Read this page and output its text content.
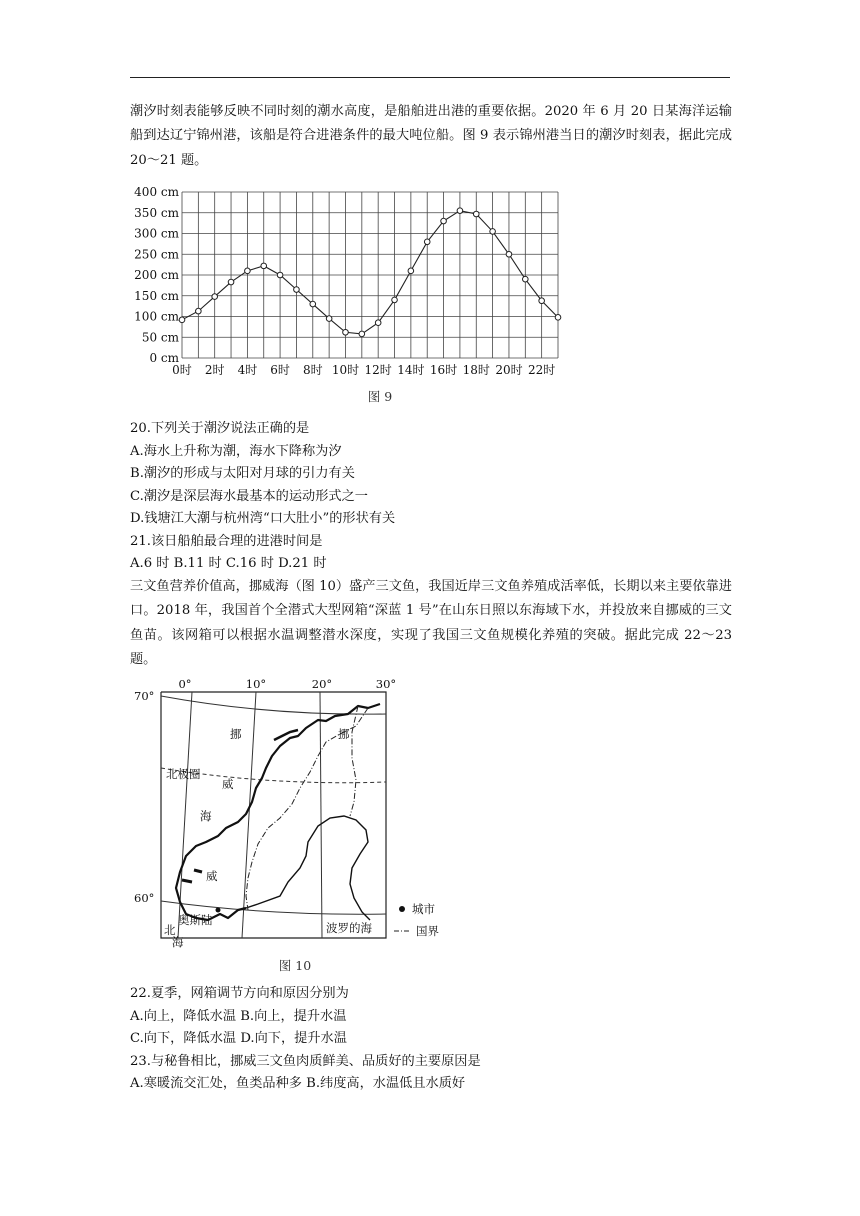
潮汐时刻表能够反映不同时刻的潮水高度，是船舶进出港的重要依据。2020 年 6 月 20 日某海洋运输船到达辽宁锦州港，该船是符合进港条件的最大吨位船。图 9 表示锦州港当日的潮汐时刻表，据此完成 20～21 题。

0 cm
50 cm
100 cm
150 cm
200 cm
250 cm
300 cm
350 cm
400 cm
0时 2时 4时 6时 8时 10时 12时 14时 16时 18时 20时 22时
图 9
20.下列关于潮汐说法正确的是
A.海水上升称为潮，海水下降称为汐
B.潮汐的形成与太阳对月球的引力有关
C.潮汐是深层海水最基本的运动形式之一
D.钱塘江大潮与杭州湾“口大肚小”的形状有关
21.该日船舶最合理的进港时间是
A.6 时 B.11 时 C.16 时 D.21 时

三文鱼营养价值高，挪威海（图 10）盛产三文鱼，我国近岸三文鱼养殖成活率低，长期以来主要依靠进口。2018 年，我国首个全潜式大型网箱“深蓝 1 号”在山东日照以东海域下水，并投放来自挪威的三文鱼苗。该网箱可以根据水温调整潜水深度，实现了我国三文鱼规模化养殖的突破。据此完成 22～23 题。

0°	10°	20°	30°
70°
60°
北极圈
挪
威
海
威
挪
奥斯陆
波罗的海
北
海
城市
国界
图 10
22.夏季，网箱调节方向和原因分别为
A.向上，降低水温 B.向上，提升水温
C.向下，降低水温 D.向下，提升水温
23.与秘鲁相比，挪威三文鱼肉质鲜美、品质好的主要原因是
A.寒暖流交汇处，鱼类品种多 B.纬度高，水温低且水质好
